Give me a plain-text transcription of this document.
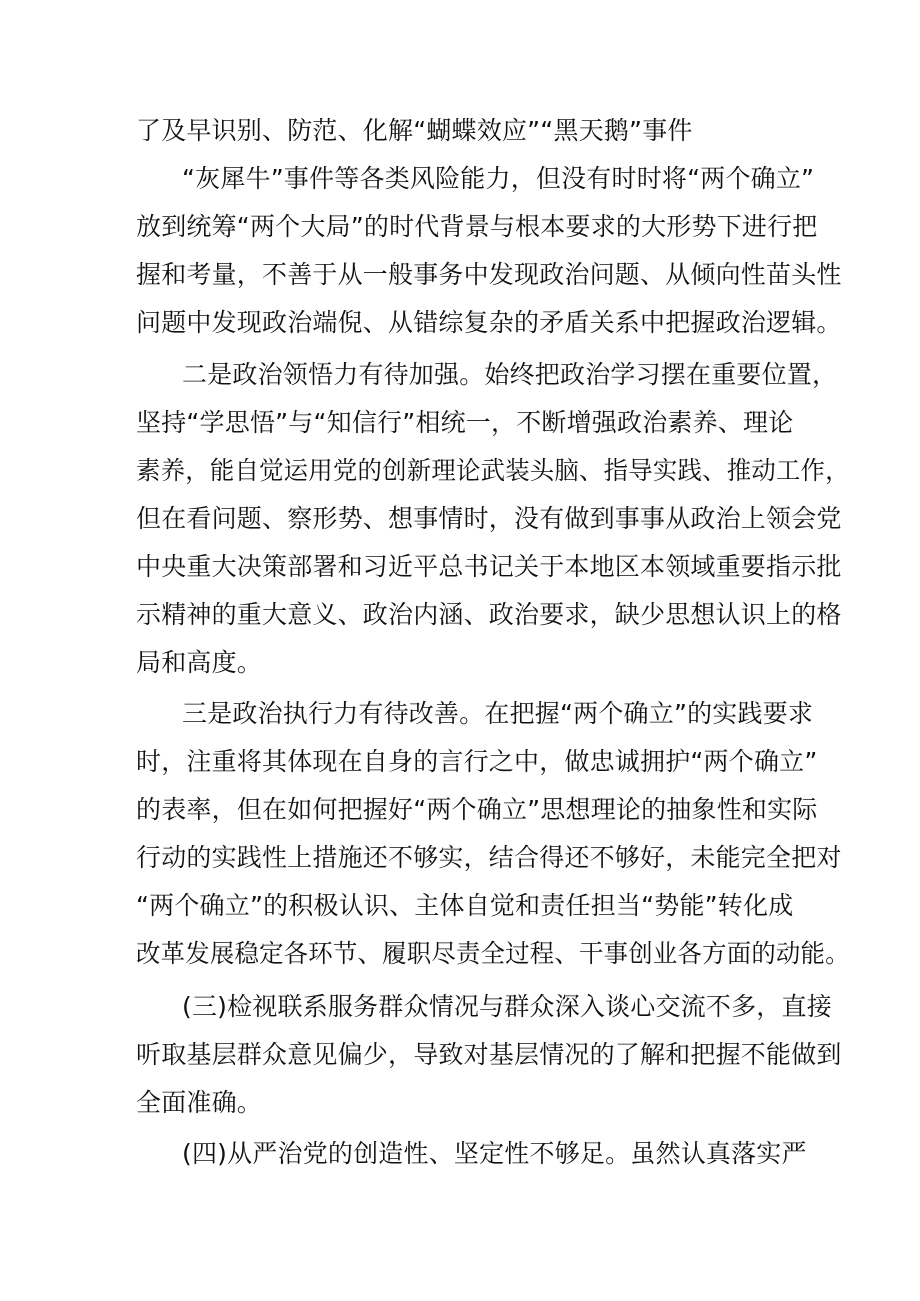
了及早识别、防范、化解“蝴蝶效应”“黑天鹅”事件
“灰犀牛”事件等各类风险能力，但没有时时将“两个确立”
放到统筹“两个大局”的时代背景与根本要求的大形势下进行把
握和考量，不善于从一般事务中发现政治问题、从倾向性苗头性
问题中发现政治端倪、从错综复杂的矛盾关系中把握政治逻辑。
二是政治领悟力有待加强。始终把政治学习摆在重要位置，
坚持“学思悟”与“知信行”相统一，不断增强政治素养、理论
素养，能自觉运用党的创新理论武装头脑、指导实践、推动工作，
但在看问题、察形势、想事情时，没有做到事事从政治上领会党
中央重大决策部署和习近平总书记关于本地区本领域重要指示批
示精神的重大意义、政治内涵、政治要求，缺少思想认识上的格
局和高度。
三是政治执行力有待改善。在把握“两个确立”的实践要求
时，注重将其体现在自身的言行之中，做忠诚拥护“两个确立”
的表率，但在如何把握好“两个确立”思想理论的抽象性和实际
行动的实践性上措施还不够实，结合得还不够好，未能完全把对
“两个确立”的积极认识、主体自觉和责任担当“势能”转化成
改革发展稳定各环节、履职尽责全过程、干事创业各方面的动能。
(三)检视联系服务群众情况与群众深入谈心交流不多，直接
听取基层群众意见偏少，导致对基层情况的了解和把握不能做到
全面准确。
(四)从严治党的创造性、坚定性不够足。虽然认真落实严
